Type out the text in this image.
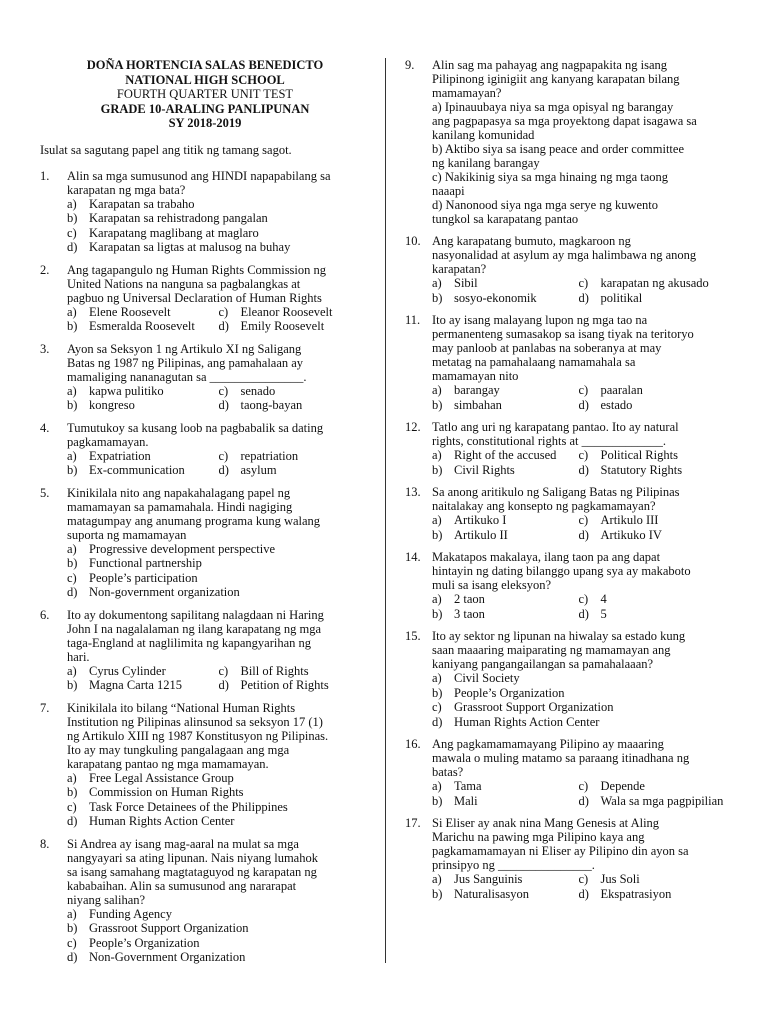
DOÑA HORTENCIA SALAS BENEDICTO
NATIONAL HIGH SCHOOL
FOURTH QUARTER UNIT TEST
GRADE 10-ARALING PANLIPUNAN
SY 2018-2019
Isulat sa sagutang papel ang titik ng tamang sagot.
1.	Alin sa mga sumusunod ang HINDI napapabilang sa
karapatan ng mga bata?
a) Karapatan sa trabaho
b) Karapatan sa rehistradong pangalan
c) Karapatang maglibang at maglaro
d) Karapatan sa ligtas at malusog na buhay
2.	Ang tagapangulo ng Human Rights Commission ng
United Nations na nanguna sa pagbalangkas at
pagbuo ng Universal Declaration of Human Rights
a) Elene Roosevelt	c) Eleanor Roosevelt
b) Esmeralda Roosevelt d) Emily Roosevelt
3.	Ayon sa Seksyon 1 ng Artikulo XI ng Saligang
Batas ng 1987 ng Pilipinas, ang pamahalaan ay
mamaliging nananagutan sa _______________.
a) kapwa pulitiko	c) senado
b) kongreso	d) taong-bayan
4.	Tumutukoy sa kusang loob na pagbabalik sa dating
pagkamamayan.
a) Expatriation	c) repatriation
b) Ex-communication	d) asylum
5.	Kinikilala nito ang napakahalagang papel ng
mamamayan sa pamamahala. Hindi nagiging
matagumpay ang anumang programa kung walang
suporta ng mamamayan
a) Progressive development perspective
b) Functional partnership
c) People’s participation
d) Non-government organization
6.	Ito ay dokumentong sapilitang nalagdaan ni Haring
John I na nagalalaman ng ilang karapatang ng mga
taga-England at naglilimita ng kapangyarihan ng
hari.
a) Cyrus Cylinder	c) Bill of Rights
b) Magna Carta 1215	d) Petition of Rights
7.	Kinikilala ito bilang “National Human Rights
Institution ng Pilipinas alinsunod sa seksyon 17 (1)
ng Artikulo XIII ng 1987 Konstitusyon ng Pilipinas.
Ito ay may tungkuling pangalagaan ang mga
karapatang pantao ng mga mamamayan.
a) Free Legal Assistance Group
b) Commission on Human Rights
c) Task Force Detainees of the Philippines
d) Human Rights Action Center
8.	Si Andrea ay isang mag-aaral na mulat sa mga
nangyayari sa ating lipunan. Nais niyang lumahok
sa isang samahang magtataguyod ng karapatan ng
kababaihan. Alin sa sumusunod ang nararapat
niyang salihan?
a) Funding Agency
b) Grassroot Support Organization
c) People’s Organization
d) Non-Government Organization
9.	Alin sag ma pahayag ang nagpapakita ng isang
Pilipinong iginigiit ang kanyang karapatan bilang
mamamayan?
a) Ipinauubaya niya sa mga opisyal ng barangay
ang pagpapasya sa mga proyektong dapat isagawa sa
kanilang komunidad
b) Aktibo siya sa isang peace and order committee
ng kanilang barangay
c) Nakikinig siya sa mga hinaing ng mga taong
naaapi
d) Nanonood siya nga mga serye ng kuwento
tungkol sa karapatang pantao
10. Ang karapatang bumuto, magkaroon ng
nasyonalidad at asylum ay mga halimbawa ng anong
karapatan?
a) Sibil	c) karapatan ng akusado
b) sosyo-ekonomik	d) politikal
11. Ito ay isang malayang lupon ng mga tao na
permanenteng sumasakop sa isang tiyak na teritoryo
may panloob at panlabas na soberanya at may
metatag na pamahalaang namamahala sa
mamamayan nito
a) barangay	c) paaralan
b) simbahan	d) estado
12. Tatlo ang uri ng karapatang pantao. Ito ay natural
rights, constitutional rights at _____________.
a) Right of the accused c) Political Rights
b) Civil Rights	d) Statutory Rights
13. Sa anong aritikulo ng Saligang Batas ng Pilipinas
naitalakay ang konsepto ng pagkamamayan?
a) Artikuko I	c) Artikulo III
b) Artikulo II	d) Artikuko IV
14. Makatapos makalaya, ilang taon pa ang dapat
hintayin ng dating bilanggo upang sya ay makaboto
muli sa isang eleksyon?
a) 2 taon	c) 4
b) 3 taon	d) 5
15. Ito ay sektor ng lipunan na hiwalay sa estado kung
saan maaaring maiparating ng mamamayan ang
kaniyang pangangailangan sa pamahalaaan?
a) Civil Society
b) People’s Organization
c) Grassroot Support Organization
d) Human Rights Action Center
16. Ang pagkamamamayang Pilipino ay maaaring
mawala o muling matamo sa paraang itinadhana ng
batas?
a) Tama	c) Depende
b) Mali	d) Wala sa mga pagpipilian
17. Si Eliser ay anak nina Mang Genesis at Aling
Marichu na pawing mga Pilipino kaya ang
pagkamamamayan ni Eliser ay Pilipino din ayon sa
prinsipyo ng _______________.
a) Jus Sanguinis	c) Jus Soli
b) Naturalisasyon	d) Ekspatrasiyon
